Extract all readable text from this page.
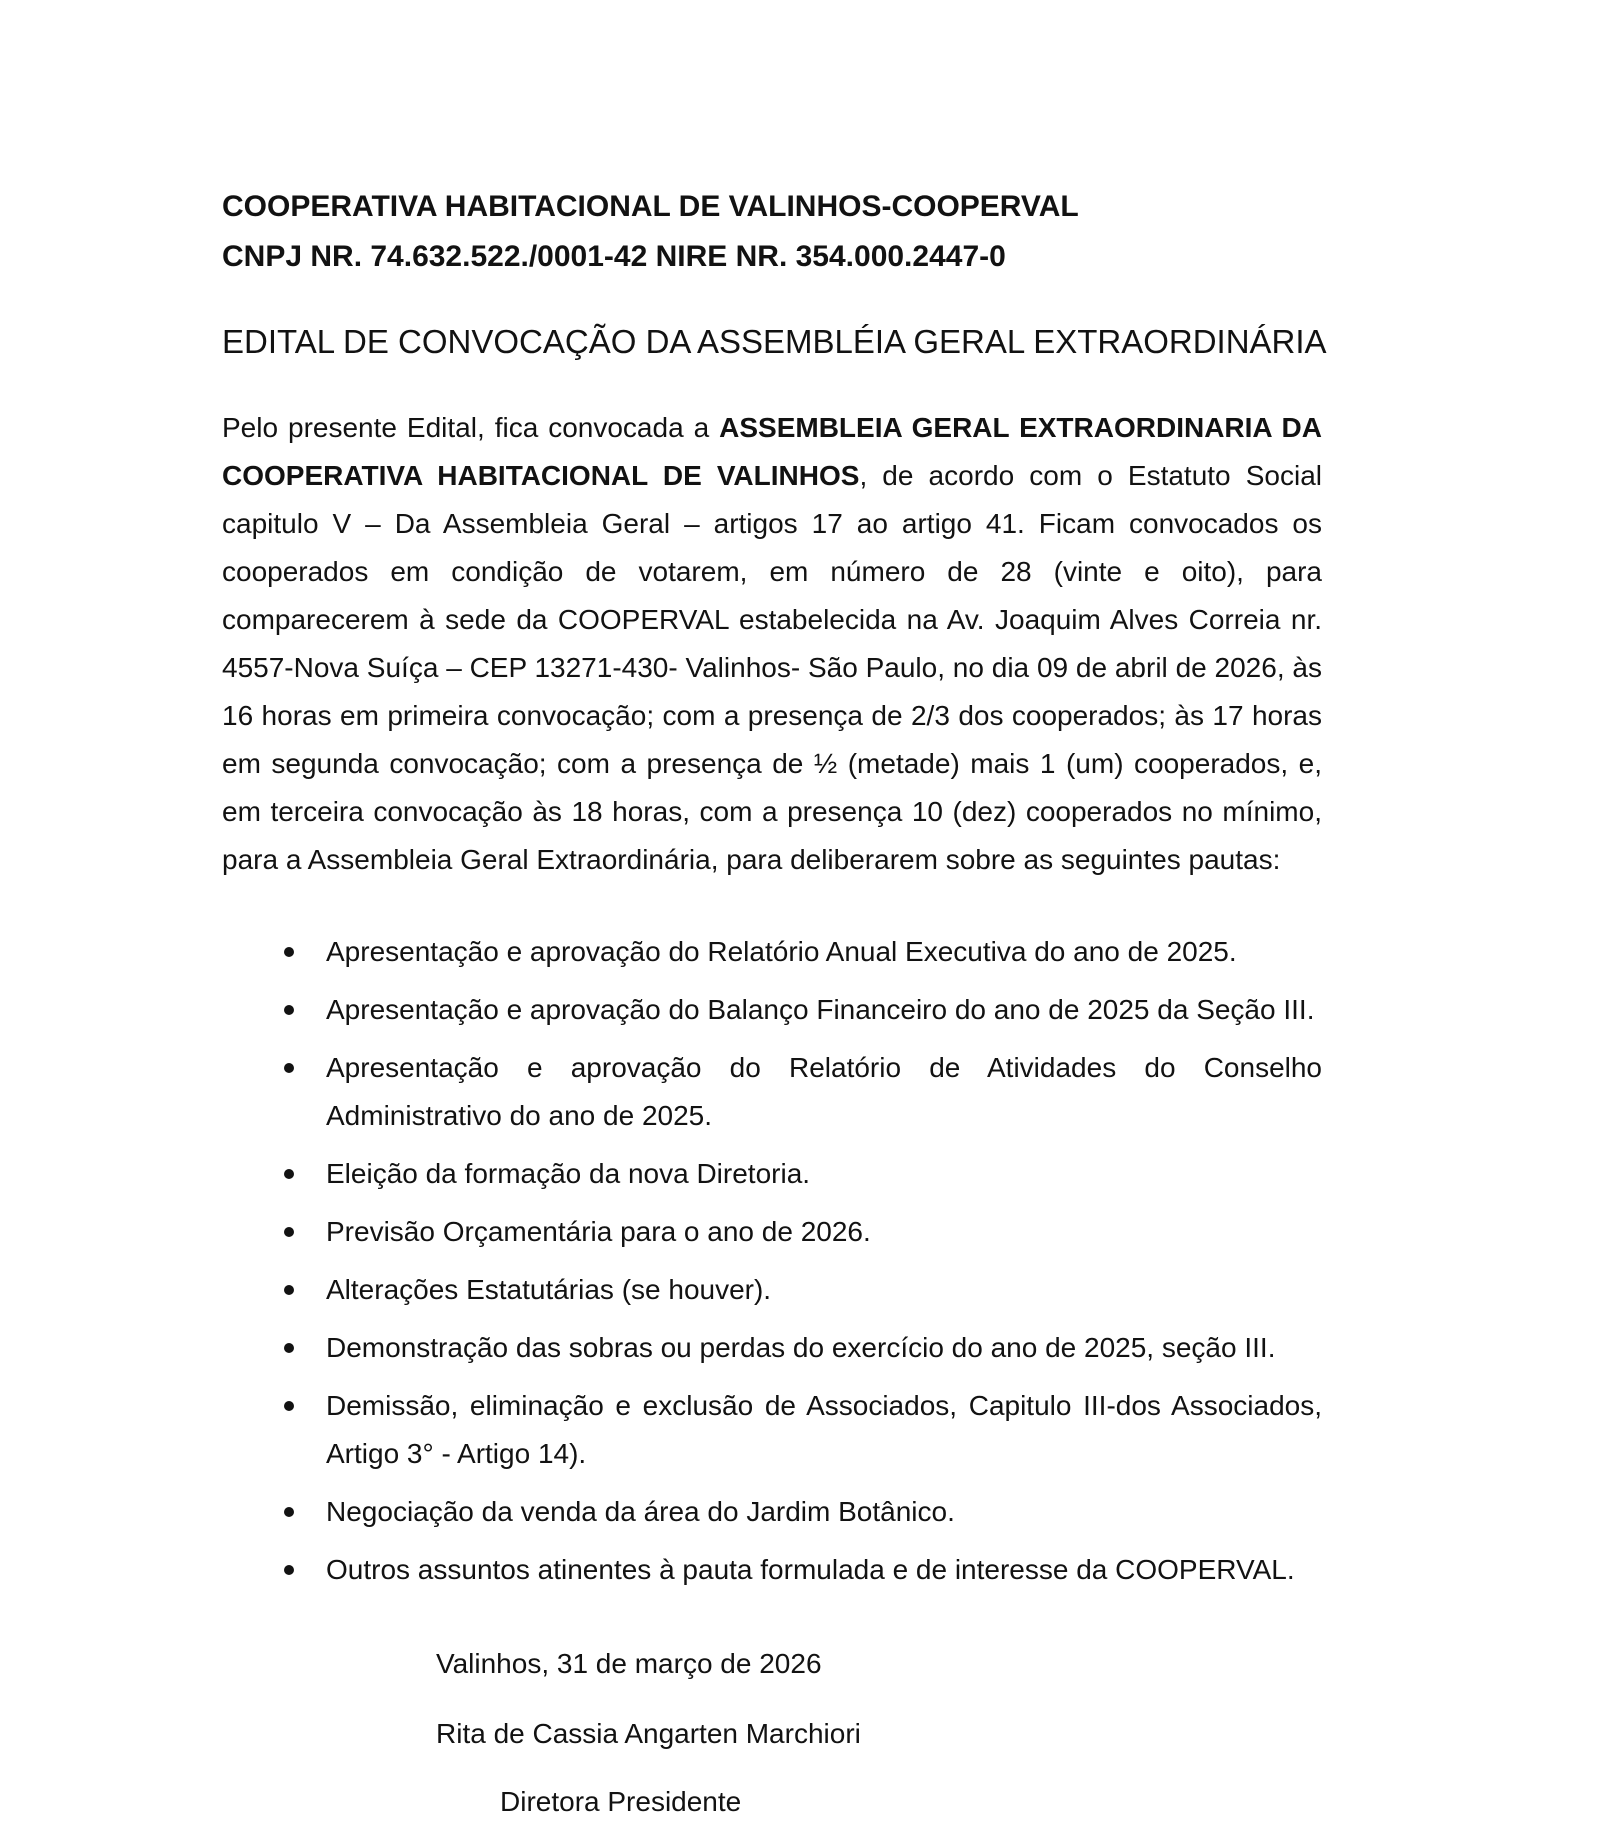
COOPERATIVA HABITACIONAL DE VALINHOS-COOPERVAL

CNPJ NR. 74.632.522./0001-42 NIRE NR. 354.000.2447-0

EDITAL DE CONVOCAÇÃO DA ASSEMBLÉIA GERAL EXTRAORDINÁRIA

Pelo presente Edital, fica convocada a ASSEMBLEIA GERAL EXTRAORDINARIA DA COOPERATIVA HABITACIONAL DE VALINHOS, de acordo com o Estatuto Social capitulo V – Da Assembleia Geral – artigos 17 ao artigo 41. Ficam convocados os cooperados em condição de votarem, em número de 28 (vinte e oito), para comparecerem à sede da COOPERVAL estabelecida na Av. Joaquim Alves Correia nr. 4557-Nova Suíça – CEP 13271-430- Valinhos- São Paulo, no dia 09 de abril de 2026, às 16 horas em primeira convocação; com a presença de 2/3 dos cooperados; às 17 horas em segunda convocação; com a presença de ½ (metade) mais 1 (um) cooperados, e, em terceira convocação às 18 horas, com a presença 10 (dez) cooperados no mínimo, para a Assembleia Geral Extraordinária, para deliberarem sobre as seguintes pautas:

Apresentação e aprovação do Relatório Anual Executiva do ano de 2025.
Apresentação e aprovação do Balanço Financeiro do ano de 2025 da Seção III.
Apresentação e aprovação do Relatório de Atividades do Conselho Administrativo do ano de 2025.
Eleição da formação da nova Diretoria.
Previsão Orçamentária para o ano de 2026.
Alterações Estatutárias (se houver).
Demonstração das sobras ou perdas do exercício do ano de 2025, seção III.
Demissão, eliminação e exclusão de Associados, Capitulo III-dos Associados, Artigo 3° - Artigo 14).
Negociação da venda da área do Jardim Botânico.
Outros assuntos atinentes à pauta formulada e de interesse da COOPERVAL.

Valinhos, 31 de março de 2026

Rita de Cassia Angarten Marchiori

Diretora Presidente
